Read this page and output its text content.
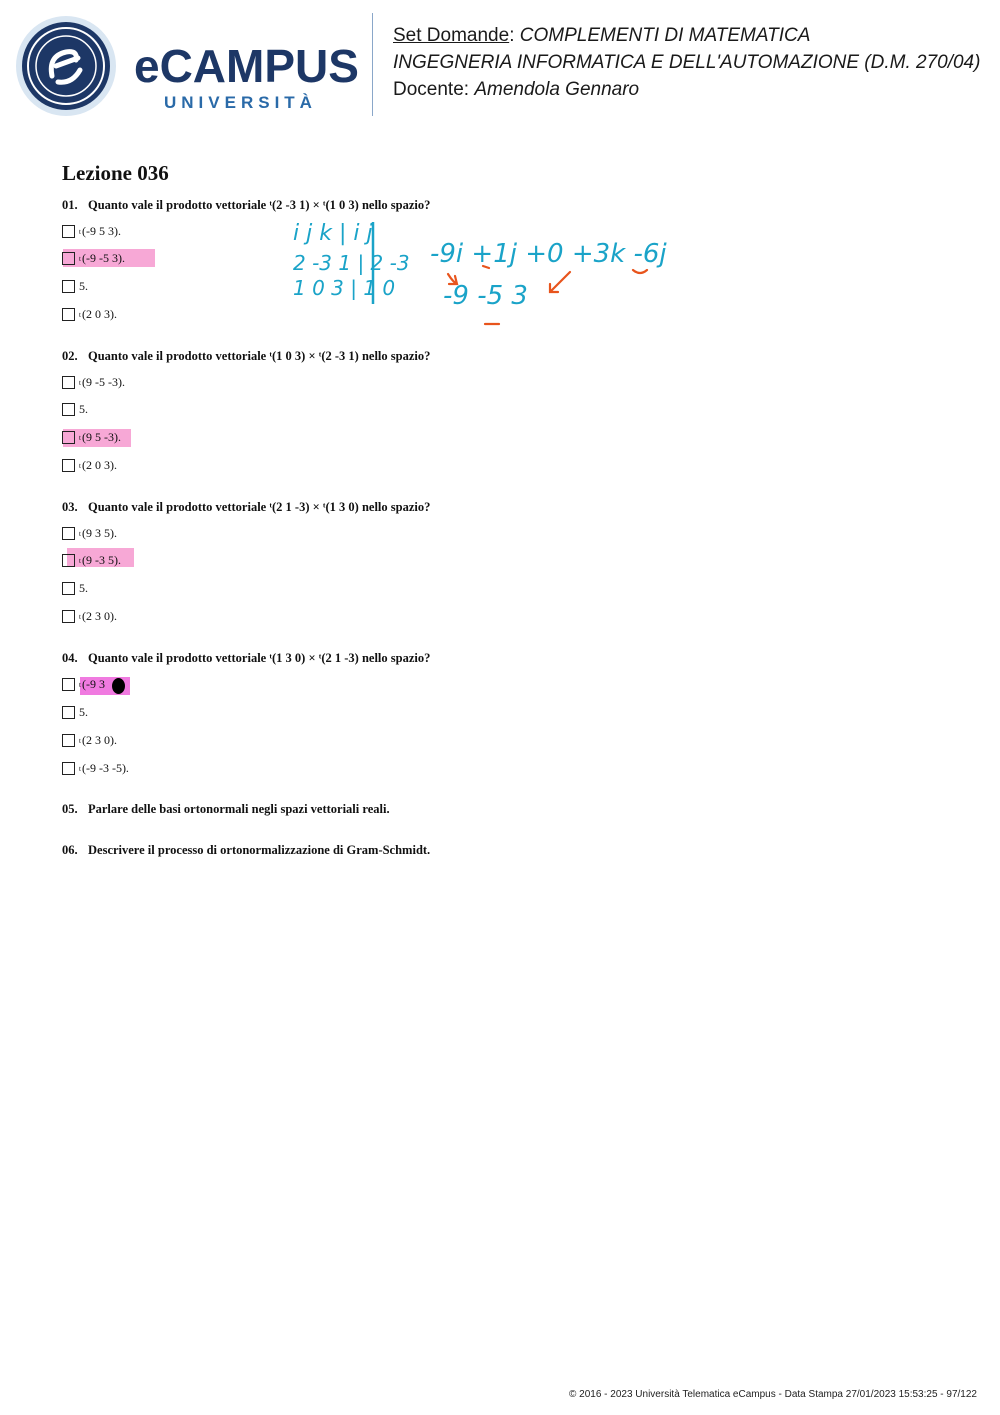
eCAMPUS
UNIVERSITÀ
Set Domande: COMPLEMENTI DI MATEMATICA
INGEGNERIA INFORMATICA E DELL'AUTOMAZIONE (D.M. 270/04)
Docente: Amendola Gennaro
Lezione 036
01. Quanto vale il prodotto vettoriale ᵗ(2 -3 1) × ᵗ(1 0 3) nello spazio?
t (-9 5 3).
t (-9 -5 3).
5.
t (2 0 3).
02. Quanto vale il prodotto vettoriale ᵗ(1 0 3) × ᵗ(2 -3 1) nello spazio?
t (9 -5 -3).
5.
t (9 5 -3).
t (2 0 3).
03. Quanto vale il prodotto vettoriale ᵗ(2 1 -3) × ᵗ(1 3 0) nello spazio?
t (9 3 5).
t (9 -3 5).
5.
t (2 3 0).
04. Quanto vale il prodotto vettoriale ᵗ(1 3 0) × ᵗ(2 1 -3) nello spazio?
t (-9 3
5.
t (2 3 0).
t (-9 -3 -5).
05. Parlare delle basi ortonormali negli spazi vettoriali reali.
06. Descrivere il processo di ortonormalizzazione di Gram-Schmidt.
i j k | i j
2 -3 1 | 2 -3
1 0 3 | 1 0
-9i +1j +0 +3k -6j
-9 -5 3
© 2016 - 2023 Università Telematica eCampus - Data Stampa 27/01/2023 15:53:25 - 97/122
